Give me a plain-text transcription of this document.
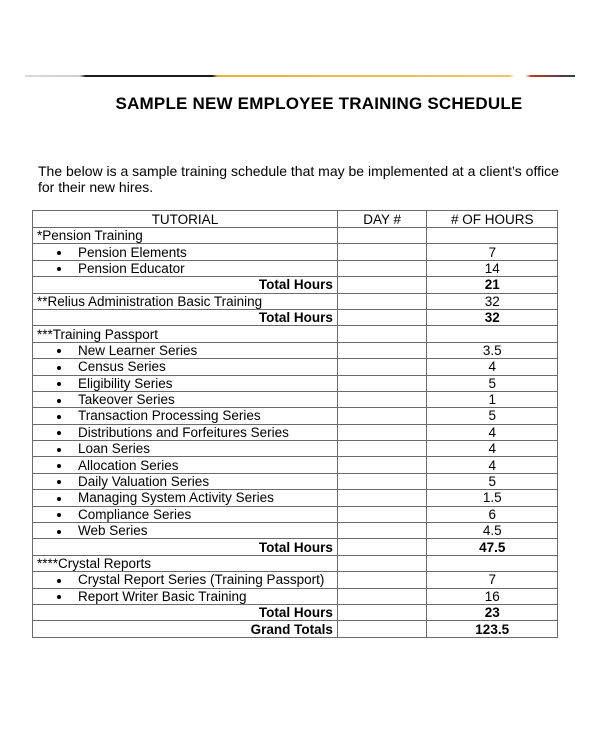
SAMPLE NEW EMPLOYEE TRAINING SCHEDULE
The below is a sample training schedule that may be implemented at a client’s office for their new hires.
TUTORIAL	DAY #	# OF HOURS
*Pension Training		
Pension Elements		7
Pension Educator		14
Total Hours		21
**Relius Administration Basic Training		32
Total Hours		32
***Training Passport		
New Learner Series		3.5
Census Series		4
Eligibility Series		5
Takeover Series		1
Transaction Processing Series		5
Distributions and Forfeitures Series		4
Loan Series		4
Allocation Series		4
Daily Valuation Series		5
Managing System Activity Series		1.5
Compliance Series		6
Web Series		4.5
Total Hours		47.5
****Crystal Reports		
Crystal Report Series (Training Passport)		7
Report Writer Basic Training		16
Total Hours		23
Grand Totals		123.5
